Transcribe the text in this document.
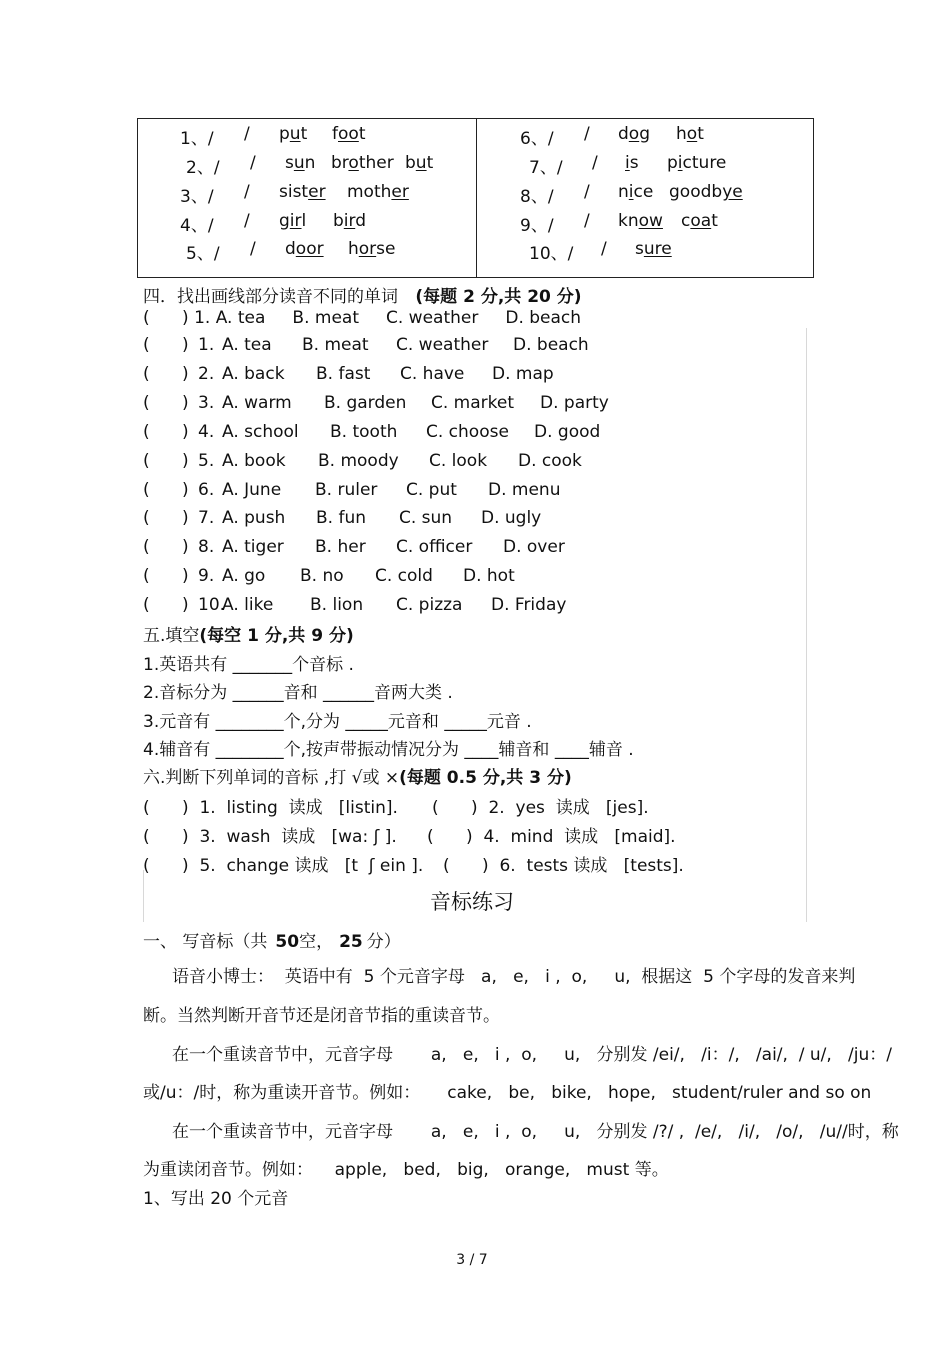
1、/ / put foot
2、/ / sun brother but
3、/ / sister mother
4、/ / girl bird
5、/ / door horse
6、/ / dog hot
7、/ / is picture
8、/ / nice goodbye
9、/ / know coat
10、/ / sure
四．找出画线部分读音不同的单词 (每题 2 分,共 20 分)
(      ) 1. A. tea     B. meat     C. weather     D. beach
( ) 1. A. tea B. meat C. weather D. beach
( ) 2. A. back B. fast C. have D. map
( ) 3. A. warm B. garden C. market D. party
( ) 4. A. school B. tooth C. choose D. good
( ) 5. A. book B. moody C. look D. cook
( ) 6. A. June B. ruler C. put D. menu
( ) 7. A. push B. fun C. sun D. ugly
( ) 8. A. tiger B. her C. officer D. over
( ) 9. A. go B. no C. cold D. hot
( ) 10.
A. like B. lion C. pizza D. Friday
五.填空(每空 1 分,共 9 分)
1.英语共有 _______个音标 .
2.音标分为 ______音和 ______音两大类 .
3.元音有 ________个,分为 _____元音和 _____元音 .
4.辅音有 ________个,按声带振动情况分为 ____辅音和 ____辅音 .
六.判断下列单词的音标 ,打 √或 ×(每题 0.5 分,共 3 分)
(      )  1.  listing  读成   [listin]. (      )  2.  yes  读成   [jes].
(      )  3.  wash  读成   [wa: ʃ ]. (      )  4.  mind  读成   [maid].
(      )  5.  change 读成   [t  ʃ ein ]. (      )  6.  tests 读成   [tests].
音标练习
一、 写音标（共 50空， 25 分）
语音小博士：  英语中有  5 个元音字母   a,   e,   i ,  o,     u,  根据这  5 个字母的发音来判
断。当然判断开音节还是闭音节指的重读音节。
在一个重读音节中，元音字母       a,   e,   i ,  o,     u,   分别发 /ei/,   /i：/,   /ai/,  / u/,   /ju：/
或/u：/时，称为重读开音节。例如：     cake,   be,   bike,   hope,   student/ruler and so on
在一个重读音节中，元音字母       a,   e,   i ,  o,     u,   分别发 /?/ ,  /e/,   /i/,   /o/,   /u//时，称
为重读闭音节。例如：    apple,   bed,   big,   orange,   must 等。
1、写出 20 个元音
3 / 7
